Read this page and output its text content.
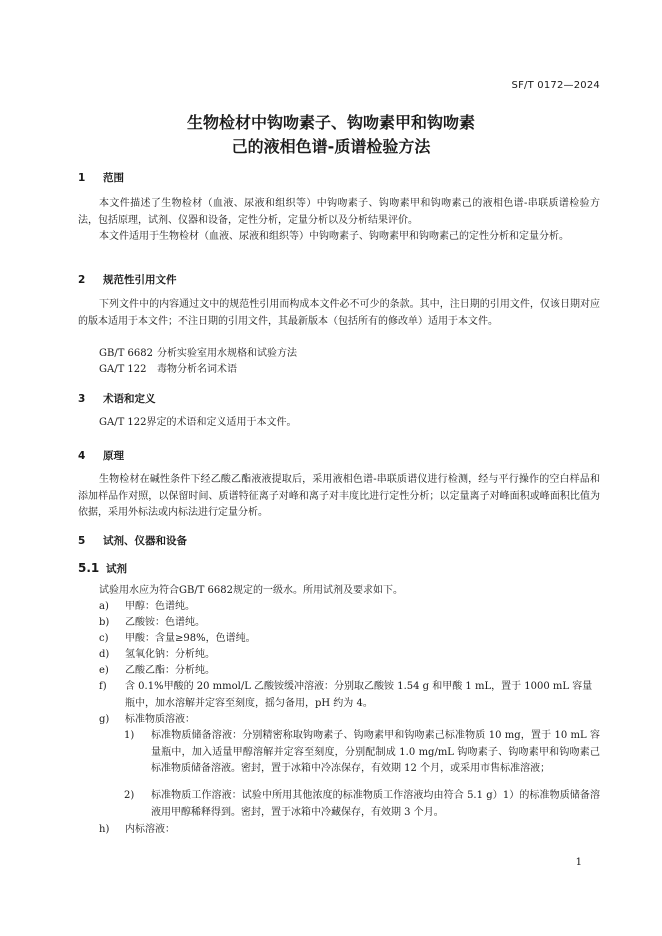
SF/T 0172—2024
生物检材中钩吻素子、钩吻素甲和钩吻素
己的液相色谱-质谱检验方法
1 范围
本文件描述了生物检材（血液、尿液和组织等）中钩吻素子、钩吻素甲和钩吻素己的液相色谱-串联质谱检验方法，包括原理，试剂、仪器和设备，定性分析，定量分析以及分析结果评价。
本文件适用于生物检材（血液、尿液和组织等）中钩吻素子、钩吻素甲和钩吻素己的定性分析和定量分析。
2 规范性引用文件
下列文件中的内容通过文中的规范性引用而构成本文件必不可少的条款。其中，注日期的引用文件，仅该日期对应的版本适用于本文件；不注日期的引用文件，其最新版本（包括所有的修改单）适用于本文件。
GB/T 6682 分析实验室用水规格和试验方法
GA/T 122 毒物分析名词术语
3 术语和定义
GA/T 122界定的术语和定义适用于本文件。
4 原理
生物检材在碱性条件下经乙酸乙酯液液提取后，采用液相色谱-串联质谱仪进行检测，经与平行操作的空白样品和添加样品作对照，以保留时间、质谱特征离子对峰和离子对丰度比进行定性分析；以定量离子对峰面积或峰面积比值为依据，采用外标法或内标法进行定量分析。
5 试剂、仪器和设备
5.1 试剂
试验用水应为符合GB/T 6682规定的一级水。所用试剂及要求如下。
a) 甲醇：色谱纯。
b) 乙酸铵：色谱纯。
c) 甲酸：含量≥98%，色谱纯。
d) 氢氧化钠：分析纯。
e) 乙酸乙酯：分析纯。
f) 含 0.1%甲酸的 20 mmol/L 乙酸铵缓冲溶液：分别取乙酸铵 1.54 g 和甲酸 1 mL，置于 1000 mL 容量瓶中，加水溶解并定容至刻度，摇匀备用，pH 约为 4。
g) 标准物质溶液：
1) 标准物质储备溶液：分别精密称取钩吻素子、钩吻素甲和钩吻素己标准物质 10 mg，置于 10 mL 容量瓶中，加入适量甲醇溶解并定容至刻度，分别配制成 1.0 mg/mL 钩吻素子、钩吻素甲和钩吻素己标准物质储备溶液。密封，置于冰箱中冷冻保存，有效期 12 个月，或采用市售标准溶液；
2) 标准物质工作溶液：试验中所用其他浓度的标准物质工作溶液均由符合 5.1 g）1）的标准物质储备溶液用甲醇稀释得到。密封，置于冰箱中冷藏保存，有效期 3 个月。
h) 内标溶液：
1
